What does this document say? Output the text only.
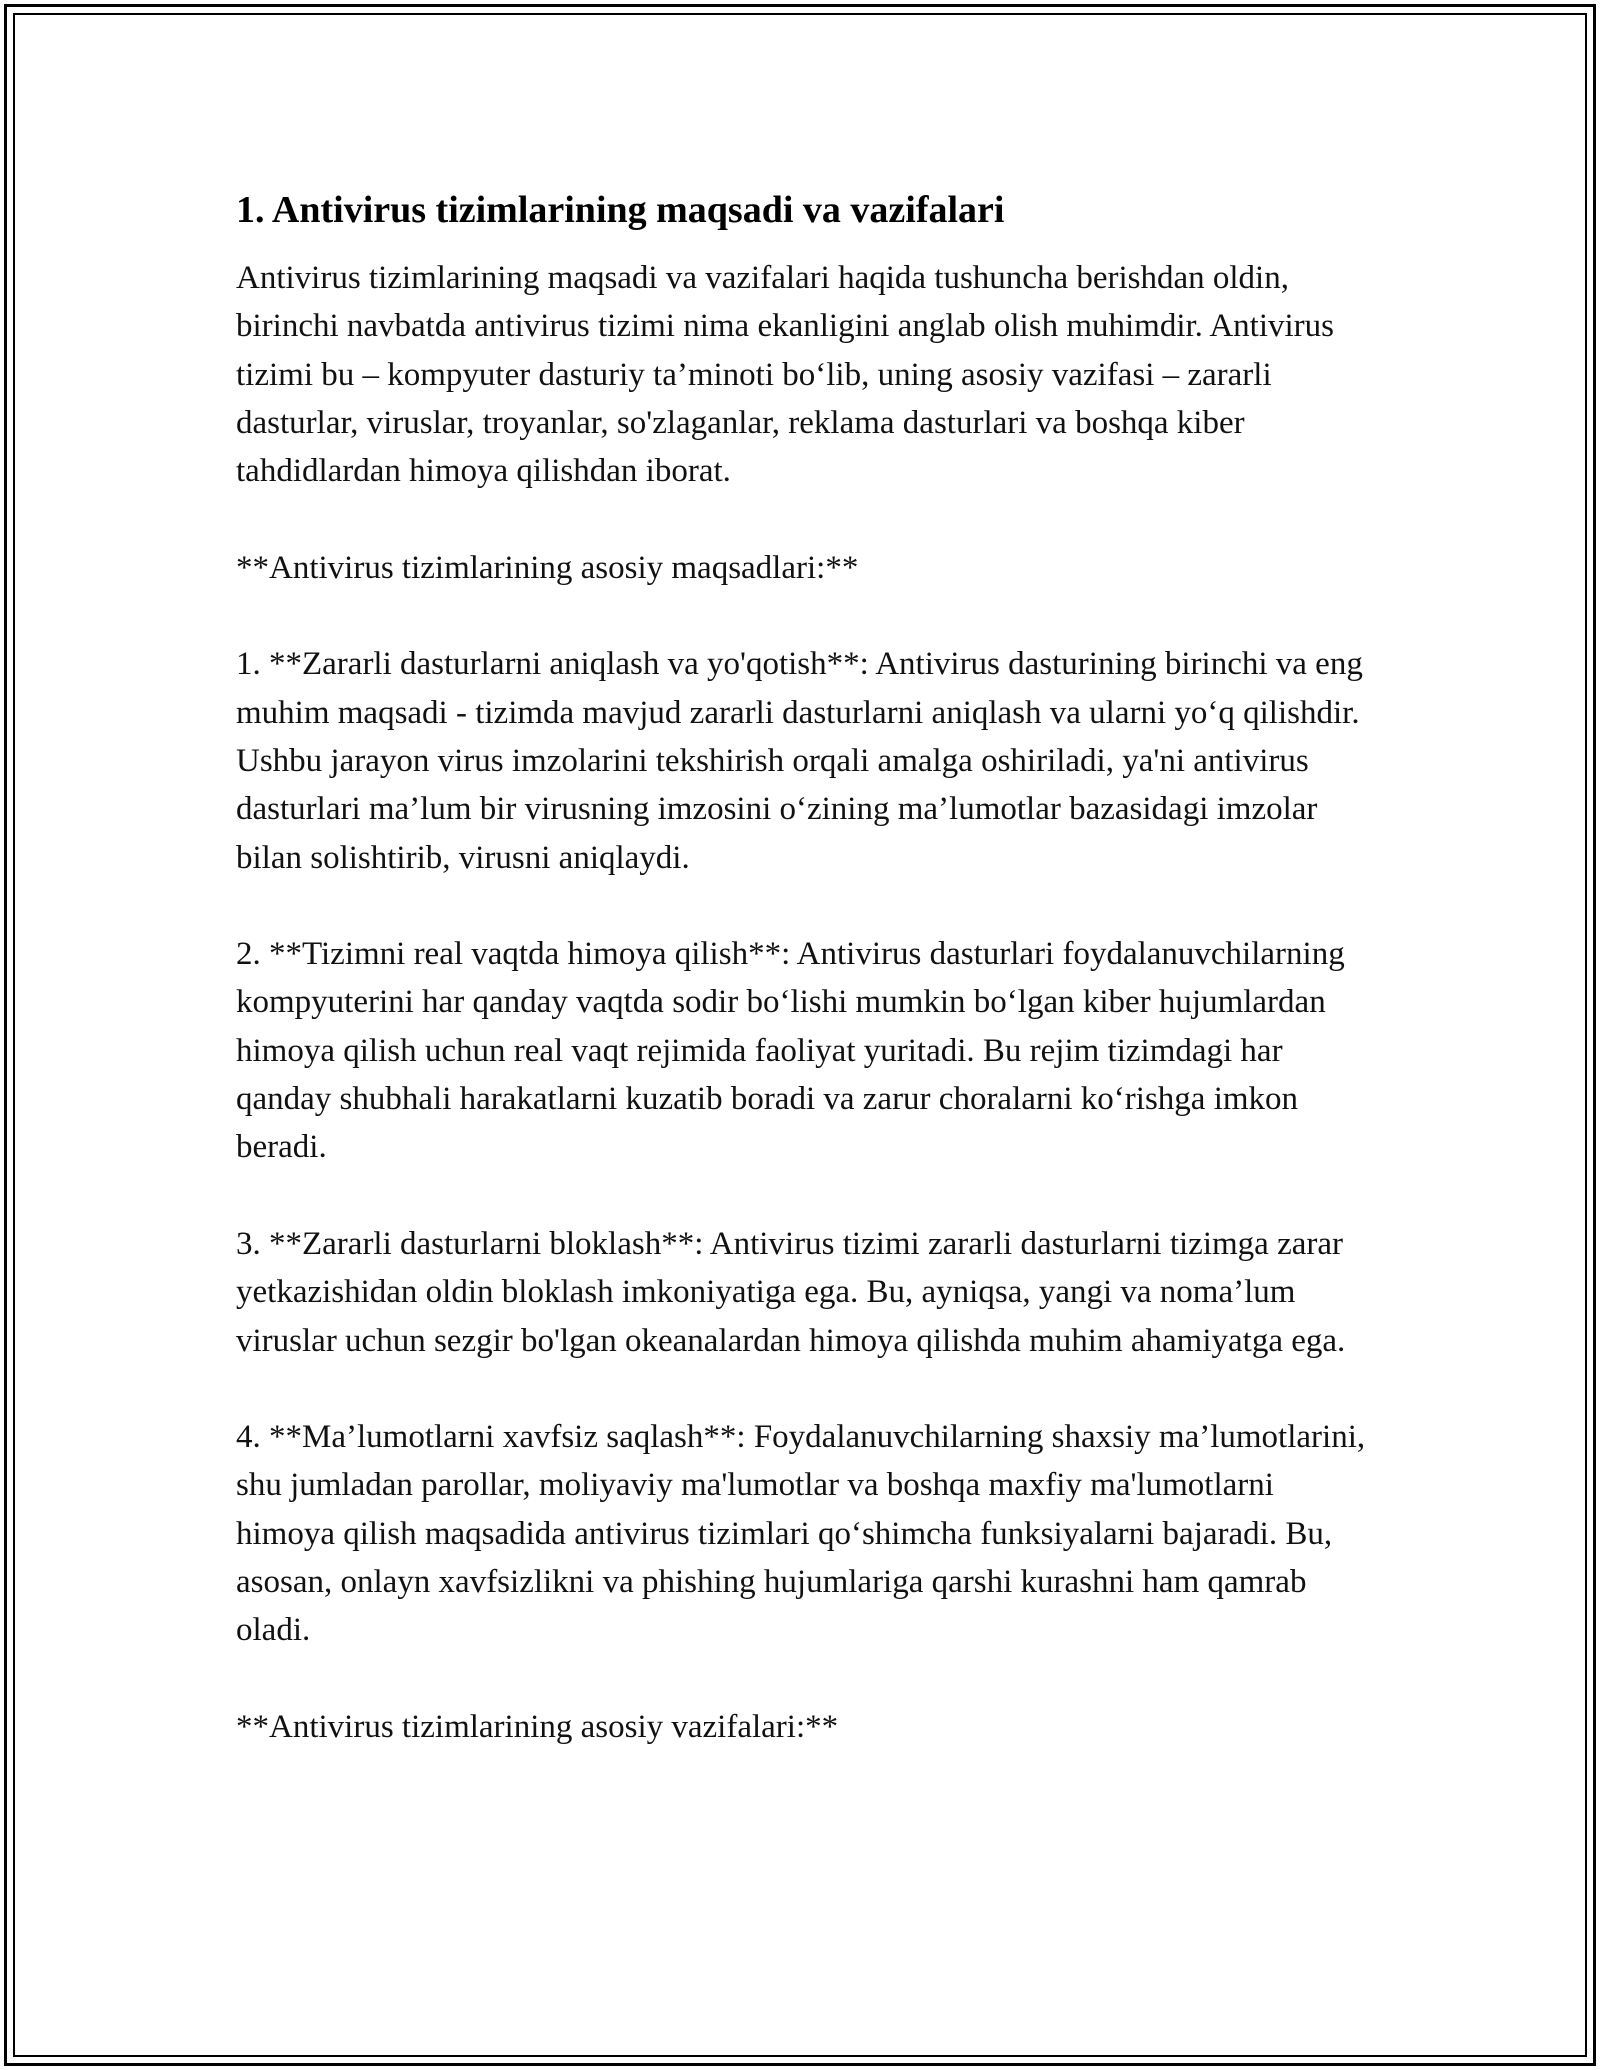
1. Antivirus tizimlarining maqsadi va vazifalari

Antivirus tizimlarining maqsadi va vazifalari haqida tushuncha berishdan oldin, birinchi navbatda antivirus tizimi nima ekanligini anglab olish muhimdir. Antivirus tizimi bu – kompyuter dasturiy ta’minoti bo‘lib, uning asosiy vazifasi – zararli dasturlar, viruslar, troyanlar, so'zlaganlar, reklama dasturlari va boshqa kiber tahdidlardan himoya qilishdan iborat.

**Antivirus tizimlarining asosiy maqsadlari:**

1. **Zararli dasturlarni aniqlash va yo'qotish**: Antivirus dasturining birinchi va eng muhim maqsadi - tizimda mavjud zararli dasturlarni aniqlash va ularni yo‘q qilishdir. Ushbu jarayon virus imzolarini tekshirish orqali amalga oshiriladi, ya'ni antivirus dasturlari ma’lum bir virusning imzosini o‘zining ma’lumotlar bazasidagi imzolar bilan solishtirib, virusni aniqlaydi.

2. **Tizimni real vaqtda himoya qilish**: Antivirus dasturlari foydalanuvchilarning kompyuterini har qanday vaqtda sodir bo‘lishi mumkin bo‘lgan kiber hujumlardan himoya qilish uchun real vaqt rejimida faoliyat yuritadi. Bu rejim tizimdagi har qanday shubhali harakatlarni kuzatib boradi va zarur choralarni ko‘rishga imkon beradi.

3. **Zararli dasturlarni bloklash**: Antivirus tizimi zararli dasturlarni tizimga zarar yetkazishidan oldin bloklash imkoniyatiga ega. Bu, ayniqsa, yangi va noma’lum viruslar uchun sezgir bo'lgan okeanalardan himoya qilishda muhim ahamiyatga ega.

4. **Ma’lumotlarni xavfsiz saqlash**: Foydalanuvchilarning shaxsiy ma’lumotlarini, shu jumladan parollar, moliyaviy ma'lumotlar va boshqa maxfiy ma'lumotlarni himoya qilish maqsadida antivirus tizimlari qo‘shimcha funksiyalarni bajaradi. Bu, asosan, onlayn xavfsizlikni va phishing hujumlariga qarshi kurashni ham qamrab oladi.

**Antivirus tizimlarining asosiy vazifalari:**
